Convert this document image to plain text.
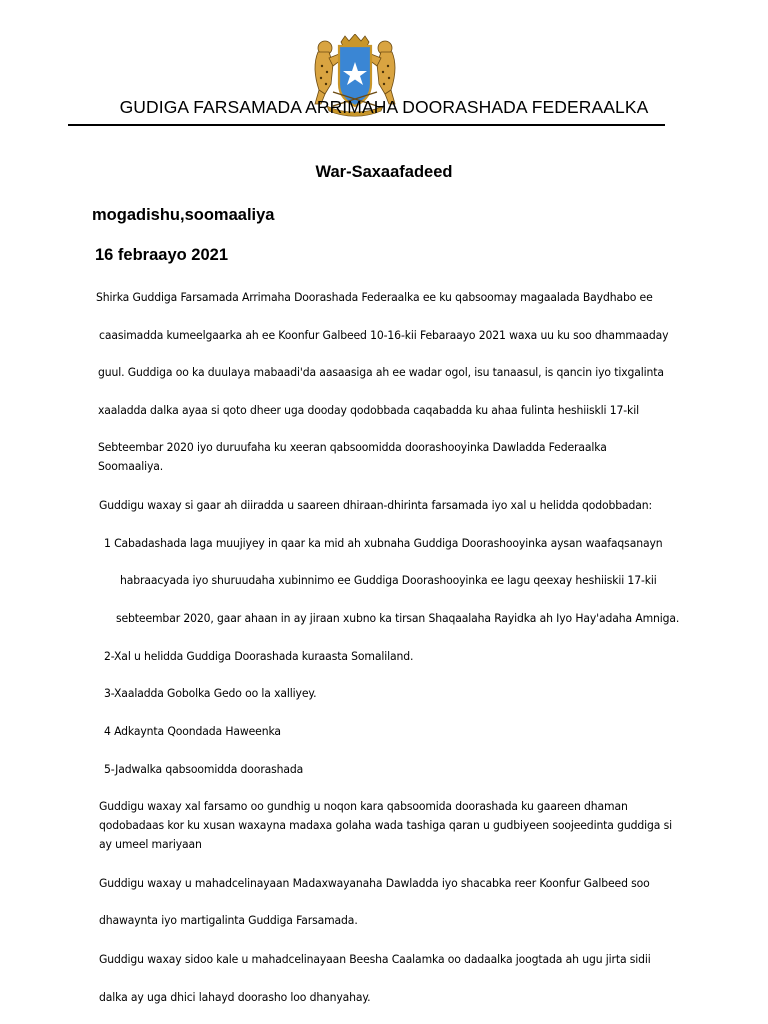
GUDIGA FARSAMADA ARRIMAHA DOORASHADA FEDERAALKA
War-Saxaafadeed
mogadishu,soomaaliya
16 febraayo 2021
Shirka Guddiga Farsamada Arrimaha Doorashada Federaalka ee ku qabsoomay magaalada Baydhabo ee
caasimadda kumeelgaarka ah ee Koonfur Galbeed 10-16-kii Febaraayo 2021 waxa uu ku soo dhammaaday
guul. Guddiga oo ka duulaya mabaadi'da aasaasiga ah ee wadar ogol, isu tanaasul, is qancin iyo tixgalinta
xaaladda dalka ayaa si qoto dheer uga dooday qodobbada caqabadda ku ahaa fulinta heshiiskli 17-kil
Sebteembar 2020 iyo duruufaha ku xeeran qabsoomidda doorashooyinka Dawladda Federaalka
Soomaaliya.
Guddigu waxay si gaar ah diiradda u saareen dhiraan-dhirinta farsamada iyo xal u helidda qodobbadan:
1 Cabadashada laga muujiyey in qaar ka mid ah xubnaha Guddiga Doorashooyinka aysan waafaqsanayn
habraacyada iyo shuruudaha xubinnimo ee Guddiga Doorashooyinka ee lagu qeexay heshiiskii 17-kii
sebteembar 2020, gaar ahaan in ay jiraan xubno ka tirsan Shaqaalaha Rayidka ah Iyo Hay'adaha Amniga.
2-Xal u helidda Guddiga Doorashada kuraasta Somaliland.
3-Xaaladda Gobolka Gedo oo la xalliyey.
4 Adkaynta Qoondada Haweenka
5-Jadwalka qabsoomidda doorashada
Guddigu waxay xal farsamo oo gundhig u noqon kara qabsoomida doorashada ku gaareen dhaman
qodobadaas kor ku xusan waxayna madaxa golaha wada tashiga qaran u gudbiyeen soojeedinta guddiga si
ay umeel mariyaan
Guddigu waxay u mahadcelinayaan Madaxwayanaha Dawladda iyo shacabka reer Koonfur Galbeed soo
dhawaynta iyo martigalinta Guddiga Farsamada.
Guddigu waxay sidoo kale u mahadcelinayaan Beesha Caalamka oo dadaalka joogtada ah ugu jirta sidii
dalka ay uga dhici lahayd doorasho loo dhanyahay.
